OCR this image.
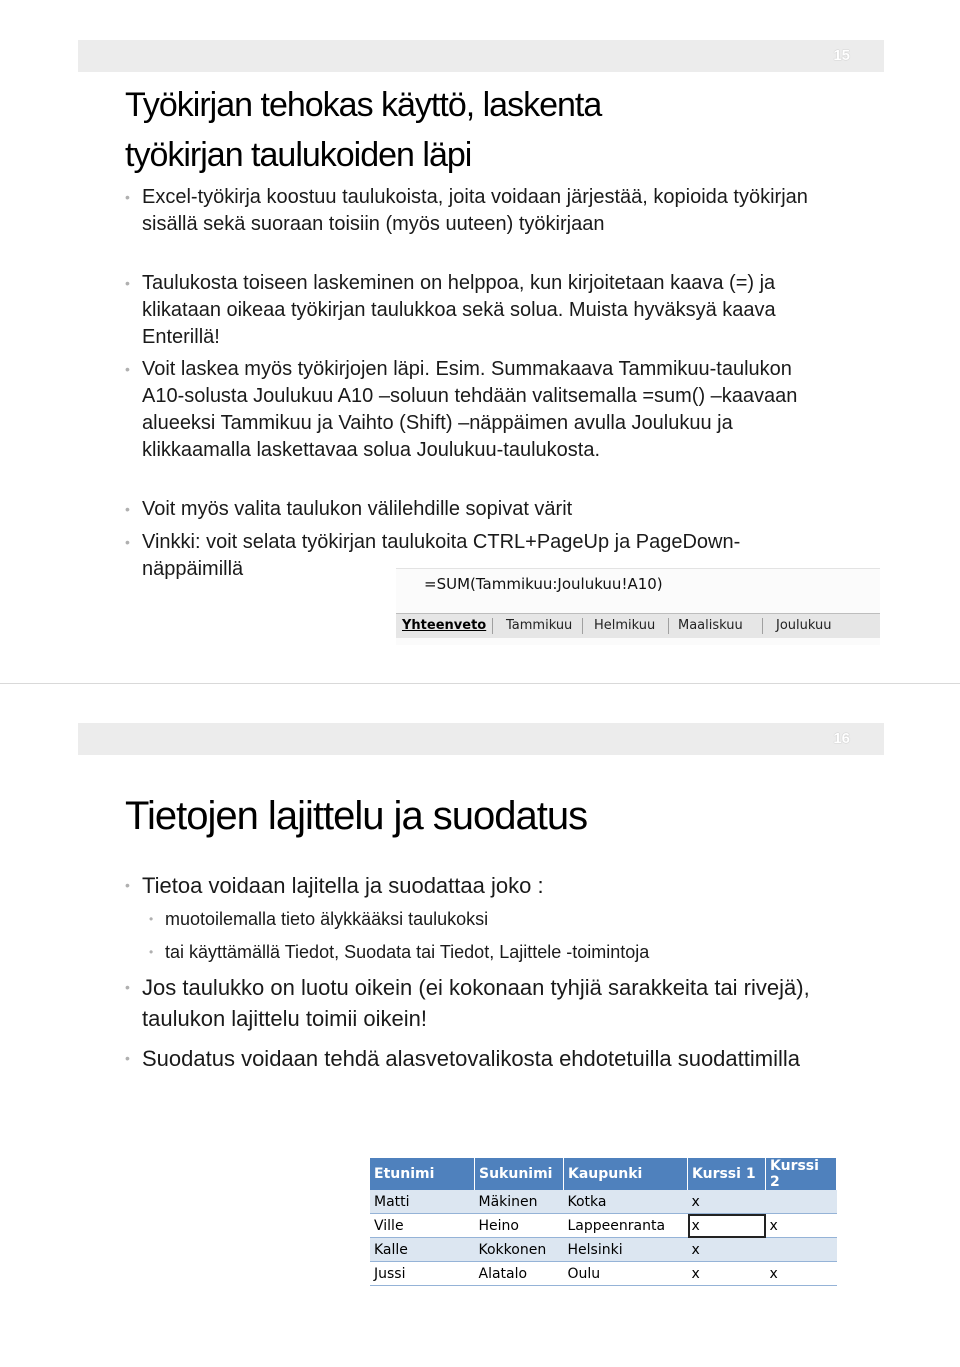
15
Työkirjan tehokas käyttö, laskenta
työkirjan taulukoiden läpi

• Excel-työkirja koostuu taulukoista, joita voidaan järjestää, kopioida työkirjan sisällä sekä suoraan toisiin (myös uuteen) työkirjaan

• Taulukosta toiseen laskeminen on helppoa, kun kirjoitetaan kaava (=) ja klikataan oikeaa työkirjan taulukkoa sekä solua. Muista hyväksyä kaava Enterillä!

• Voit laskea myös työkirjojen läpi. Esim. Summakaava Tammikuu-taulukon A10-solusta Joulukuu A10 –soluun tehdään valitsemalla =sum() –kaavaan alueeksi Tammikuu ja Vaihto (Shift) –näppäimen avulla Joulukuu ja klikkaamalla laskettavaa solua Joulukuu-taulukosta.

• Voit myös valita taulukon välilehdille sopivat värit

• Vinkki: voit selata työkirjan taulukoita CTRL+PageUp ja PageDown-näppäimillä

=SUM(Tammikuu:Joulukuu!A10)
Yhteenveto Tammikuu Helmikuu Maaliskuu	Joulukuu
16
Tietojen lajittelu ja suodatus

• Tietoa voidaan lajitella ja suodattaa joko :

• muotoilemalla tieto älykkääksi taulukoksi

• tai käyttämällä Tiedot, Suodata tai Tiedot, Lajittele -toimintoja

• Jos taulukko on luotu oikein (ei kokonaan tyhjiä sarakkeita tai rivejä), taulukon lajittelu toimii oikein!

• Suodatus voidaan tehdä alasvetovalikosta ehdotetuilla suodattimilla

Etunimi	Sukunimi	Kaupunki	Kurssi 1	Kurssi 2
Matti	Mäkinen	Kotka	x	
Ville	Heino	Lappeenranta	x	x
Kalle	Kokkonen	Helsinki	x	
Jussi	Alatalo	Oulu	x	x
